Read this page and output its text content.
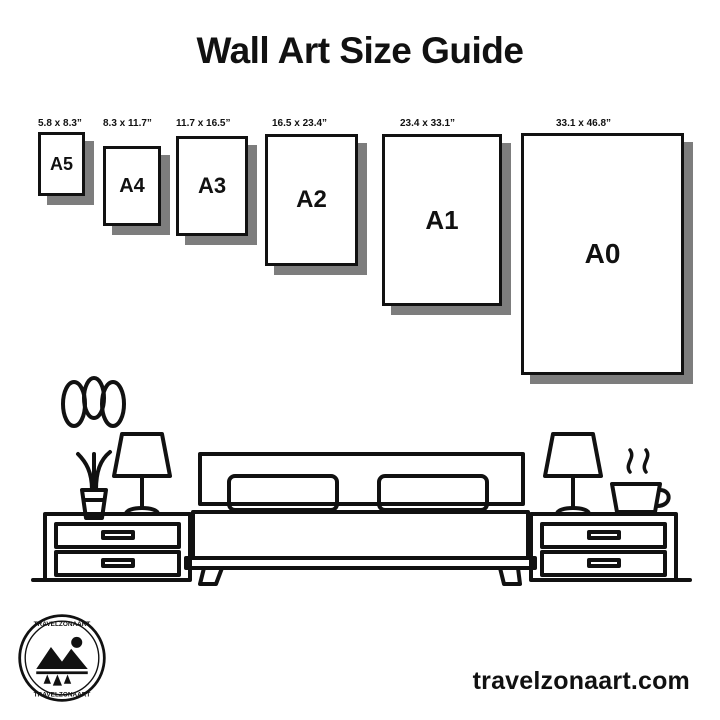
Wall Art Size Guide
A5
5.8 x 8.3”
A4
8.3 x 11.7”
A3
11.7 x 16.5”
A2
16.5 x 23.4”
A1
23.4 x 33.1”
A0
33.1 x 46.8”
TRAVELZONAART
TRAVELZONAART
travelzonaart.com
